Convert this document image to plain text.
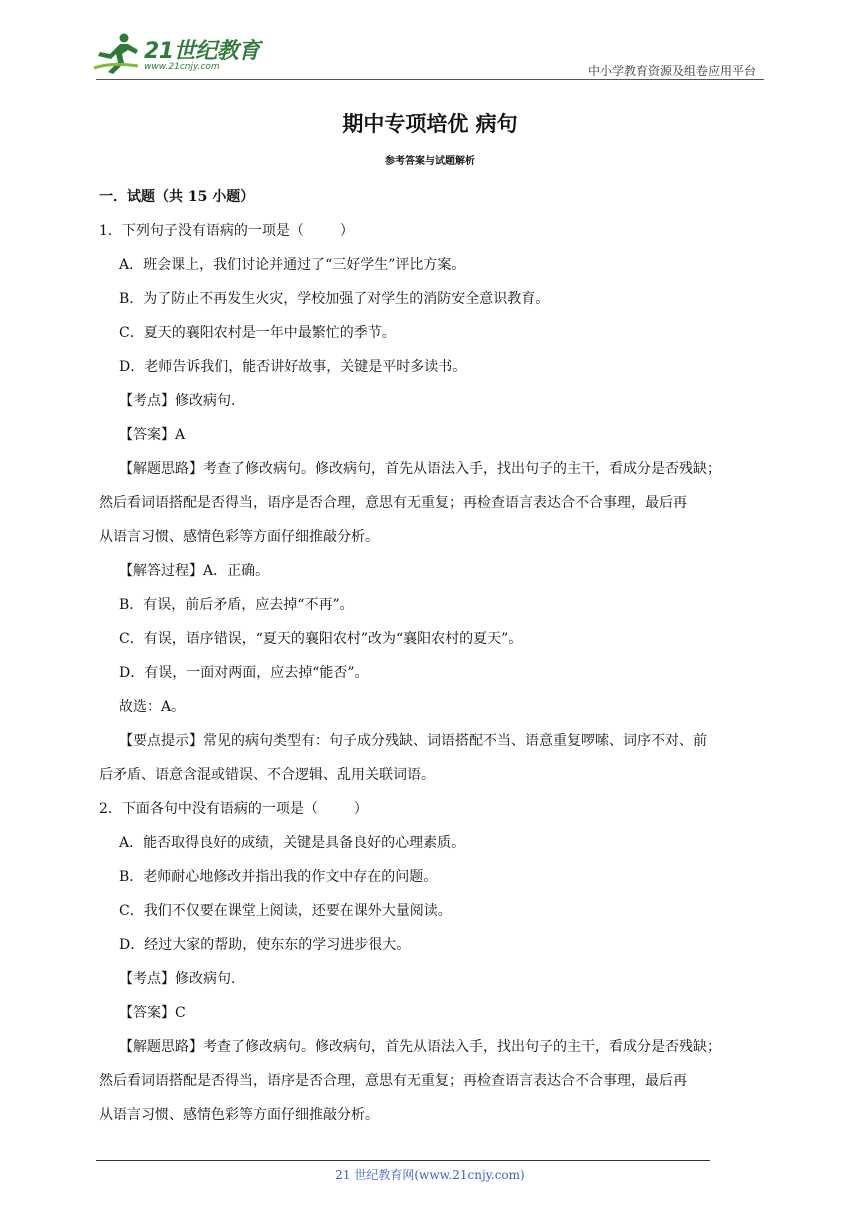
21世纪教育
www.21cnjy.com	中小学教育资源及组卷应用平台
期中专项培优 病句
参考答案与试题解析
一．试题（共 15 小题）
1．下列句子没有语病的一项是（	）
A．班会课上，我们讨论并通过了“三好学生”评比方案。
B．为了防止不再发生火灾，学校加强了对学生的消防安全意识教育。
C．夏天的襄阳农村是一年中最繁忙的季节。
D．老师告诉我们，能否讲好故事，关键是平时多读书。
【考点】修改病句.
【答案】A
【解题思路】考查了修改病句。修改病句，首先从语法入手，找出句子的主干，看成分是否残缺；
然后看词语搭配是否得当，语序是否合理，意思有无重复；再检查语言表达合不合事理，最后再
从语言习惯、感情色彩等方面仔细推敲分析。
【解答过程】A．正确。
B．有误，前后矛盾，应去掉“不再”。
C．有误，语序错误，“夏天的襄阳农村”改为“襄阳农村的夏天”。
D．有误，一面对两面，应去掉“能否”。
故选：A。
【要点提示】常见的病句类型有：句子成分残缺、词语搭配不当、语意重复啰嗦、词序不对、前
后矛盾、语意含混或错误、不合逻辑、乱用关联词语。
2．下面各句中没有语病的一项是（	）
A．能否取得良好的成绩，关键是具备良好的心理素质。
B．老师耐心地修改并指出我的作文中存在的问题。
C．我们不仅要在课堂上阅读，还要在课外大量阅读。
D．经过大家的帮助，使东东的学习进步很大。
【考点】修改病句.
【答案】C
【解题思路】考查了修改病句。修改病句，首先从语法入手，找出句子的主干，看成分是否残缺；
然后看词语搭配是否得当，语序是否合理，意思有无重复；再检查语言表达合不合事理，最后再
从语言习惯、感情色彩等方面仔细推敲分析。
21 世纪教育网(www.21cnjy.com)
